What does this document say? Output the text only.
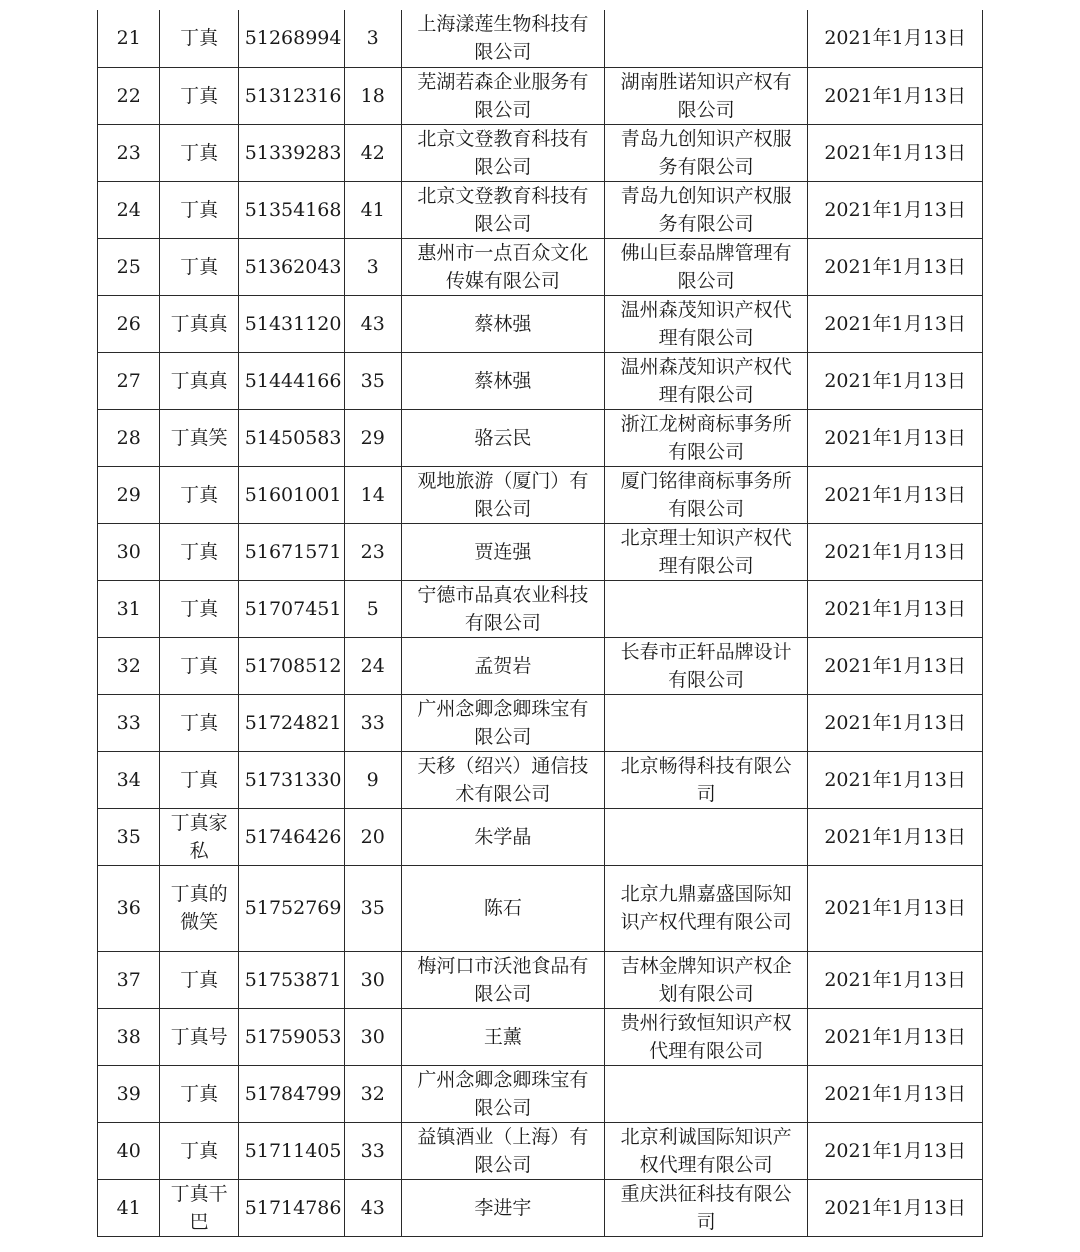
21	丁真	51268994	3	上海漾莲生物科技有限公司		2021年1月13日
22	丁真	51312316	18	芜湖若森企业服务有限公司	湖南胜诺知识产权有限公司	2021年1月13日
23	丁真	51339283	42	北京文登教育科技有限公司	青岛九创知识产权服务有限公司	2021年1月13日
24	丁真	51354168	41	北京文登教育科技有限公司	青岛九创知识产权服务有限公司	2021年1月13日
25	丁真	51362043	3	惠州市一点百众文化传媒有限公司	佛山巨泰品牌管理有限公司	2021年1月13日
26	丁真真	51431120	43	蔡林强	温州森茂知识产权代理有限公司	2021年1月13日
27	丁真真	51444166	35	蔡林强	温州森茂知识产权代理有限公司	2021年1月13日
28	丁真笑	51450583	29	骆云民	浙江龙树商标事务所有限公司	2021年1月13日
29	丁真	51601001	14	观地旅游（厦门）有限公司	厦门铭律商标事务所有限公司	2021年1月13日
30	丁真	51671571	23	贾连强	北京理士知识产权代理有限公司	2021年1月13日
31	丁真	51707451	5	宁德市品真农业科技有限公司		2021年1月13日
32	丁真	51708512	24	孟贺岩	长春市正轩品牌设计有限公司	2021年1月13日
33	丁真	51724821	33	广州念卿念卿珠宝有限公司		2021年1月13日
34	丁真	51731330	9	天移（绍兴）通信技术有限公司	北京畅得科技有限公司	2021年1月13日
35	丁真家私	51746426	20	朱学晶		2021年1月13日
36	丁真的微笑	51752769	35	陈石	北京九鼎嘉盛国际知识产权代理有限公司	2021年1月13日
37	丁真	51753871	30	梅河口市沃池食品有限公司	吉林金牌知识产权企划有限公司	2021年1月13日
38	丁真号	51759053	30	王薰	贵州行致恒知识产权代理有限公司	2021年1月13日
39	丁真	51784799	32	广州念卿念卿珠宝有限公司		2021年1月13日
40	丁真	51711405	33	益镇酒业（上海）有限公司	北京利诚国际知识产权代理有限公司	2021年1月13日
41	丁真干巴	51714786	43	李进宇	重庆洪征科技有限公司	2021年1月13日
